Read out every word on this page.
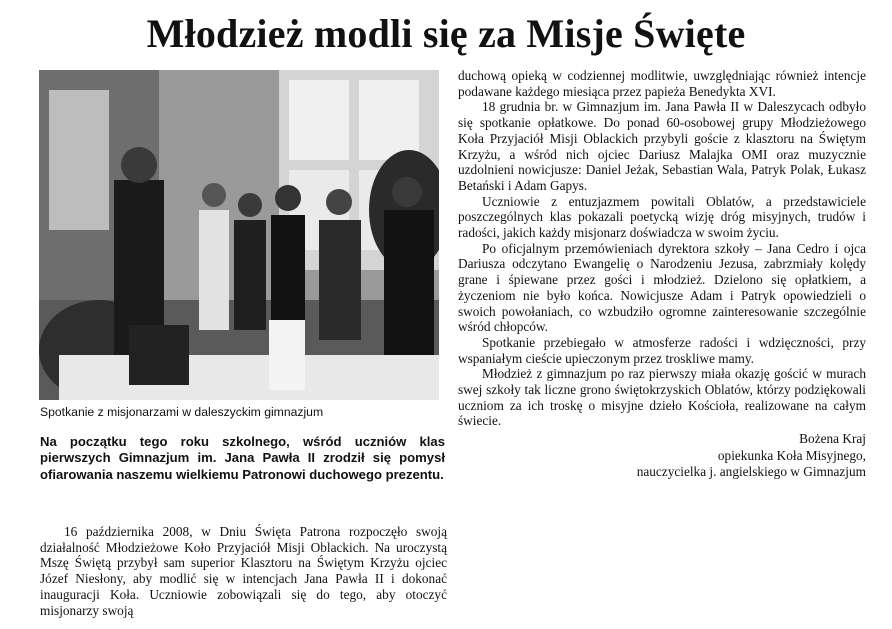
Młodzież modli się za Misje Święte

Spotkanie z misjonarzami w daleszyckim gimnazjum

Na początku tego roku szkolnego, wśród uczniów klas pierwszych Gimnazjum im. Jana Pawła II zrodził się pomysł ofiarowania naszemu wielkiemu Patronowi duchowego prezentu.

16 października 2008, w Dniu Święta Patrona rozpoczęło swoją działalność Młodzieżowe Koło Przyjaciół Misji Oblackich. Na uroczystą Mszę Świętą przybył sam superior Klasztoru na Świętym Krzyżu ojciec Józef Niesłony, aby modlić się w intencjach Jana Pawła II i dokonać inauguracji Koła. Uczniowie zobowiązali się do tego, aby otoczyć misjonarzy swoją

duchową opieką w codziennej modlitwie, uwzględniając również intencje podawane każdego miesiąca przez papieża Benedykta XVI.

18 grudnia br. w Gimnazjum im. Jana Pawła II w Daleszycach odbyło się spotkanie opłatkowe. Do ponad 60-osobowej grupy Młodzieżowego Koła Przyjaciół Misji Oblackich przybyli goście z klasztoru na Świętym Krzyżu, a wśród nich ojciec Dariusz Malajka OMI oraz muzycznie uzdolnieni nowicjusze: Daniel Jeżak, Sebastian Wala, Patryk Polak, Łukasz Betański i Adam Gapys.

Uczniowie z entuzjazmem powitali Oblatów, a przedstawiciele poszczególnych klas pokazali poetycką wizję dróg misyjnych, trudów i radości, jakich każdy misjonarz doświadcza w swoim życiu.

Po oficjalnym przemówieniach dyrektora szkoły – Jana Cedro i ojca Dariusza odczytano Ewangelię o Narodzeniu Jezusa, zabrzmiały kolędy grane i śpiewane przez gości i młodzież. Dzielono się opłatkiem, a życzeniom nie było końca. Nowicjusze Adam i Patryk opowiedzieli o swoich powołaniach, co wzbudziło ogromne zainteresowanie szczególnie wśród chłopców.

Spotkanie przebiegało w atmosferze radości i wdzięczności, przy wspaniałym cieście upieczonym przez troskliwe mamy.

Młodzież z gimnazjum po raz pierwszy miała okazję gościć w murach swej szkoły tak liczne grono świętokrzyskich Oblatów, którzy podziękowali uczniom za ich troskę o misyjne dzieło Kościoła, realizowane na całym świecie.

Bożena Kraj

opiekunka Koła Misyjnego,

nauczycielka j. angielskiego w Gimnazjum
